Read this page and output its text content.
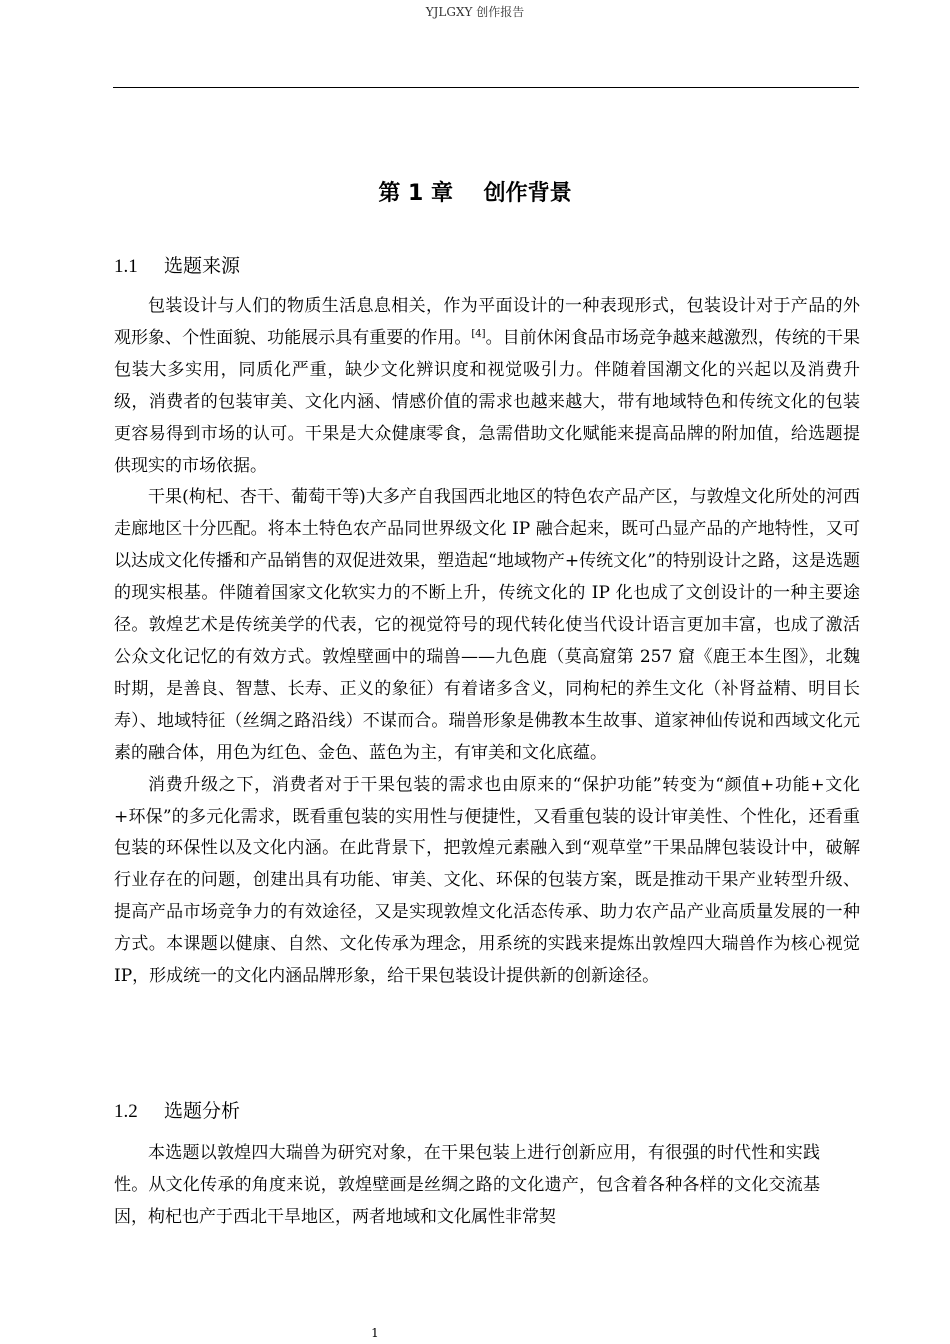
YJLGXY 创作报告
第 1 章    创作背景
1.1 选题来源

包装设计与人们的物质生活息息相关，作为平面设计的一种表现形式，包装设计对于产品的外观形象、个性面貌、功能展示具有重要的作用。[4]。目前休闲食品市场竞争越来越激烈，传统的干果包装大多实用，同质化严重，缺少文化辨识度和视觉吸引力。伴随着国潮文化的兴起以及消费升级，消费者的包装审美、文化内涵、情感价值的需求也越来越大，带有地域特色和传统文化的包装更容易得到市场的认可。干果是大众健康零食，急需借助文化赋能来提高品牌的附加值，给选题提供现实的市场依据。

干果(枸杞、杏干、葡萄干等)大多产自我国西北地区的特色农产品产区，与敦煌文化所处的河西走廊地区十分匹配。将本土特色农产品同世界级文化 IP 融合起来，既可凸显产品的产地特性，又可以达成文化传播和产品销售的双促进效果，塑造起“地域物产+传统文化”的特别设计之路，这是选题的现实根基。伴随着国家文化软实力的不断上升，传统文化的 IP 化也成了文创设计的一种主要途径。敦煌艺术是传统美学的代表，它的视觉符号的现代转化使当代设计语言更加丰富，也成了激活公众文化记忆的有效方式。敦煌壁画中的瑞兽——九色鹿（莫高窟第 257 窟《鹿王本生图》，北魏时期，是善良、智慧、长寿、正义的象征）有着诸多含义，同枸杞的养生文化（补肾益精、明目长寿）、地域特征（丝绸之路沿线）不谋而合。瑞兽形象是佛教本生故事、道家神仙传说和西域文化元素的融合体，用色为红色、金色、蓝色为主，有审美和文化底蕴。

消费升级之下，消费者对于干果包装的需求也由原来的“保护功能”转变为“颜值+功能+文化+环保”的多元化需求，既看重包装的实用性与便捷性，又看重包装的设计审美性、个性化，还看重包装的环保性以及文化内涵。在此背景下，把敦煌元素融入到“观草堂”干果品牌包装设计中，破解行业存在的问题，创建出具有功能、审美、文化、环保的包装方案，既是推动干果产业转型升级、提高产品市场竞争力的有效途径，又是实现敦煌文化活态传承、助力农产品产业高质量发展的一种方式。本课题以健康、自然、文化传承为理念，用系统的实践来提炼出敦煌四大瑞兽作为核心视觉 IP，形成统一的文化内涵品牌形象，给干果包装设计提供新的创新途径。

1.2 选题分析

本选题以敦煌四大瑞兽为研究对象，在干果包装上进行创新应用，有很强的时代性和实践性。从文化传承的角度来说，敦煌壁画是丝绸之路的文化遗产，包含着各种各样的文化交流基因，枸杞也产于西北干旱地区，两者地域和文化属性非常契

1
